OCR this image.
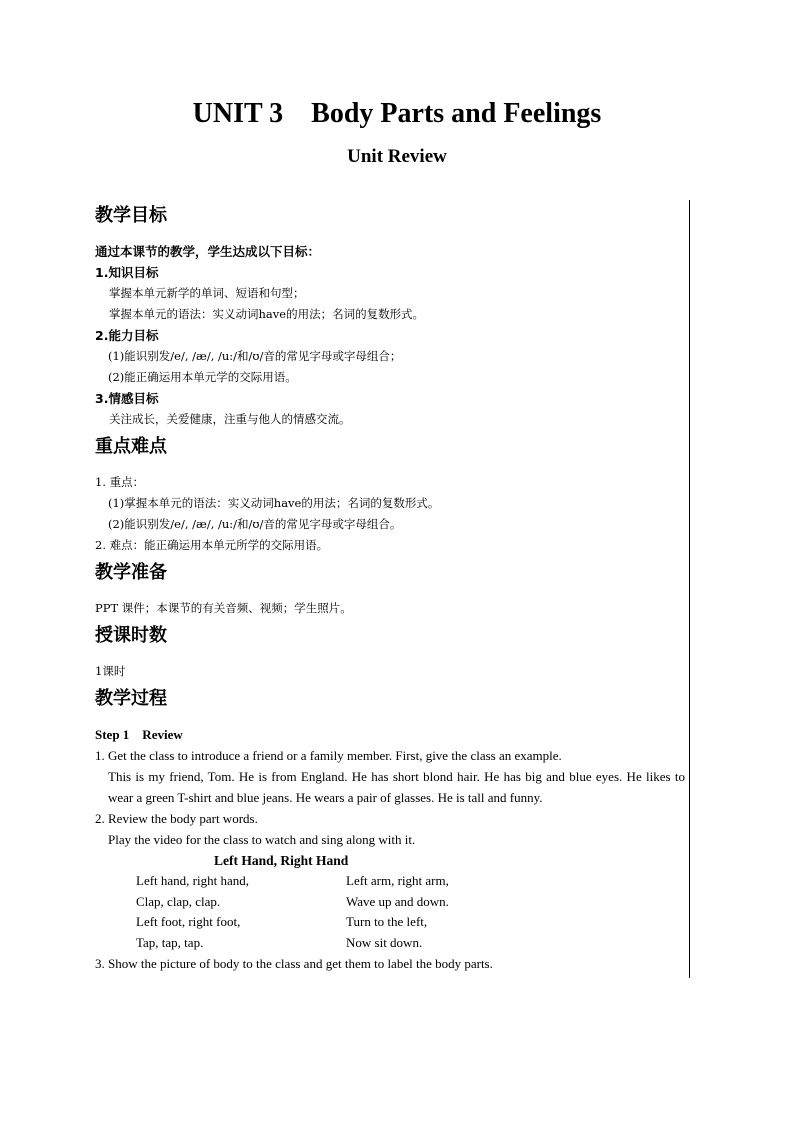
UNIT 3    Body Parts and Feelings
Unit Review
教学目标

通过本课节的教学，学生达成以下目标：

1.知识目标

掌握本单元新学的单词、短语和句型；

掌握本单元的语法：实义动词have的用法；名词的复数形式。

2.能力目标

(1)能识别发/e/, /æ/, /u:/和/ʊ/音的常见字母或字母组合；

(2)能正确运用本单元学的交际用语。

3.情感目标

关注成长，关爱健康，注重与他人的情感交流。

重点难点

1. 重点：

(1)掌握本单元的语法：实义动词have的用法；名词的复数形式。

(2)能识别发/e/, /æ/, /u:/和/ʊ/音的常见字母或字母组合。

2. 难点：能正确运用本单元所学的交际用语。

教学准备

PPT 课件；本课节的有关音频、视频；学生照片。

授课时数

1课时

教学过程

Step 1    Review

1. Get the class to introduce a friend or a family member. First, give the class an example.

This is my friend, Tom. He is from England. He has short blond hair. He has big and blue eyes. He likes to wear a green T-shirt and blue jeans. He wears a pair of glasses. He is tall and funny.

2. Review the body part words.

Play the video for the class to watch and sing along with it.

Left Hand, Right Hand

Left hand, right hand,	Left arm, right arm,
Clap, clap, clap.	Wave up and down.
Left foot, right foot,	Turn to the left,
Tap, tap, tap.	Now sit down.

3. Show the picture of body to the class and get them to label the body parts.
